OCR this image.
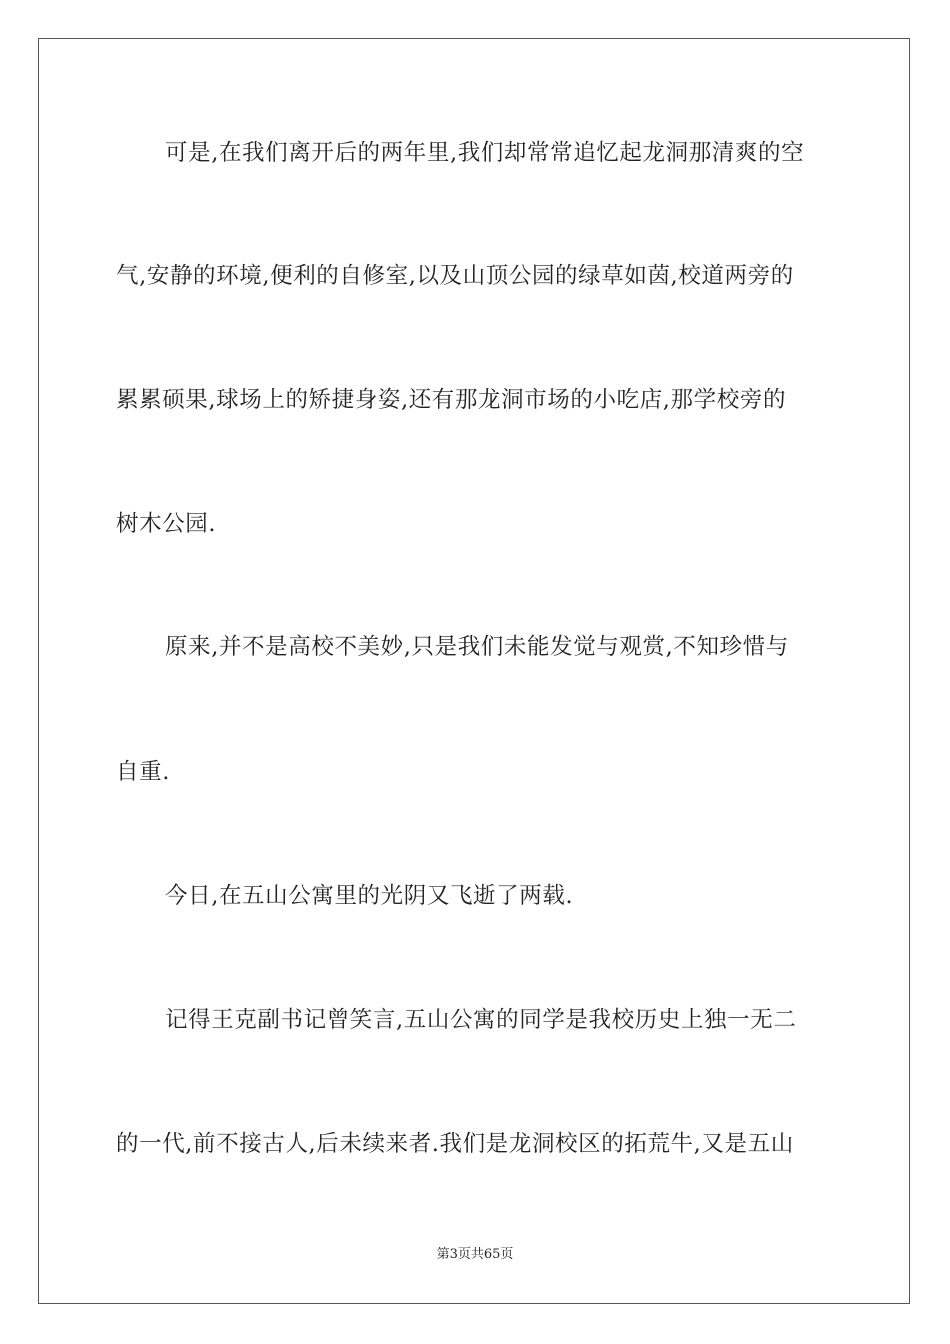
可是,在我们离开后的两年里,我们却常常追忆起龙洞那清爽的空
气,安静的环境,便利的自修室,以及山顶公园的绿草如茵,校道两旁的
累累硕果,球场上的矫捷身姿,还有那龙洞市场的小吃店,那学校旁的
树木公园.
原来,并不是高校不美妙,只是我们未能发觉与观赏,不知珍惜与
自重.
今日,在五山公寓里的光阴又飞逝了两载.
记得王克副书记曾笑言,五山公寓的同学是我校历史上独一无二
的一代,前不接古人,后未续来者.我们是龙洞校区的拓荒牛,又是五山
第3页共65页
